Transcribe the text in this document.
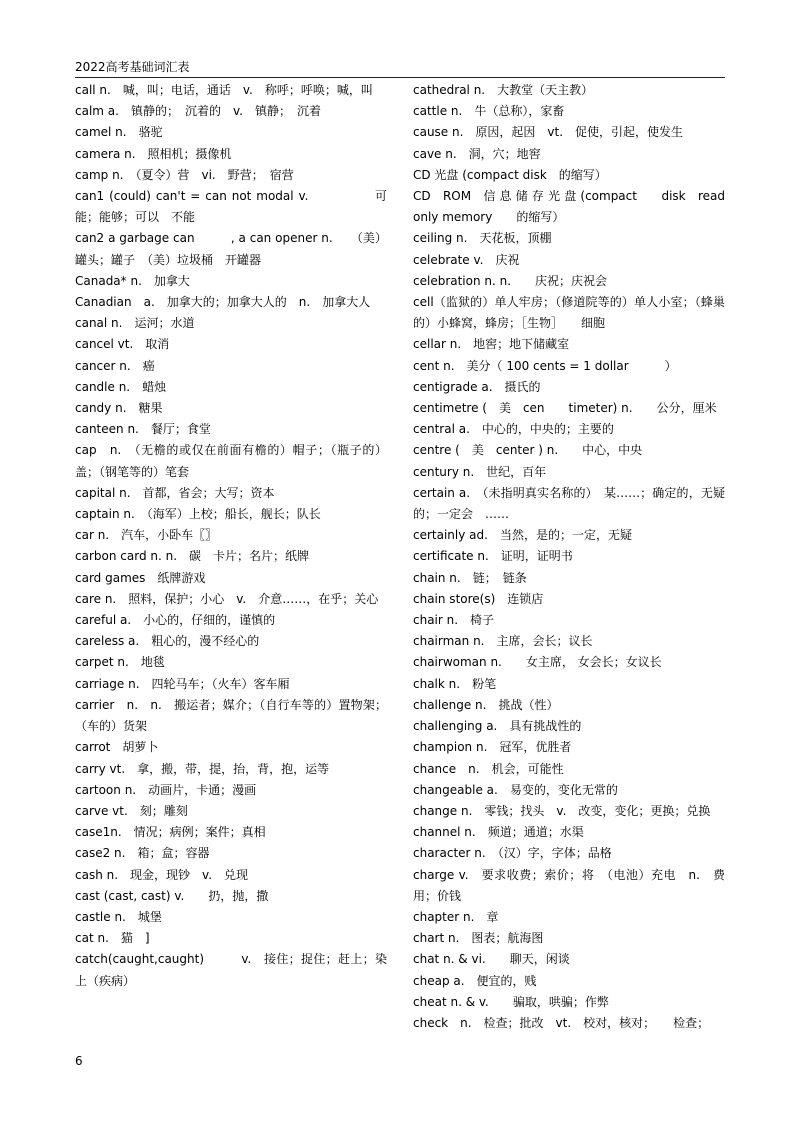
2022高考基础词汇表

call n.　喊，叫；电话，通话　v.　称呼；呼唤；喊，叫

calm a.　镇静的；　沉着的　v.　镇静；　沉着

camel n.　骆驼

camera n.　照相机；摄像机

camp n.　（夏令）营　vi.　野营；　宿营

can1 (could) can't = can not modal v.　　　　　可能；能够；可以　不能

can2 a garbage can　　　, a can opener n.　　（美）罐头；罐子　（美）垃圾桶　开罐器

Canada* n.　加拿大

Canadian　a.　加拿大的；加拿大人的　n.　加拿大人

canal n.　运河；水道

cancel vt.　取消

cancer n.　癌

candle n.　蜡烛

candy n.　糖果

canteen n.　餐厅；食堂

cap　n.　（无檐的或仅在前面有檐的）帽子；（瓶子的）盖；（钢笔等的）笔套

capital n.　首都，省会；大写；资本

captain n.　（海军）上校；船长，舰长；队长

car n.　汽车，小卧车〖〗

carbon card n. n.　碳　卡片；名片；纸牌

card games　纸牌游戏

care n.　照料，保护；小心　v.　介意……，在乎；关心

careful a.　小心的，仔细的，谨慎的

careless a.　粗心的，漫不经心的

carpet n.　地毯

carriage n.　四轮马车；（火车）客车厢

carrier　n.　n.　搬运者；媒介；（自行车等的）置物架；（车的）货架

carrot　胡萝卜

carry vt.　拿，搬，带，提，抬，背，抱，运等

cartoon n.　动画片，卡通；漫画

carve vt.　刻；雕刻

case1n.　情况；病例；案件；真相

case2 n.　箱；盒；容器

cash n.　现金，现钞　v.　兑现

cast (cast, cast) v.　　扔，抛，撒

castle n.　城堡

cat n.　猫　]

catch(caught,caught)　　　v.　接住；捉住；赶上；染上（疾病）

cathedral n.　大教堂（天主教）

cattle n.　牛（总称），家畜

cause n.　原因，起因　vt.　促使，引起，使发生

cave n.　洞，穴；地窖

CD 光盘 (compact disk　的缩写）

CD　ROM　信 息 储 存 光 盘 (compact　　disk　read　only memory　　的缩写）

ceiling n.　天花板，顶棚

celebrate v.　庆祝

celebration n. n.　　庆祝；庆祝会

cell（监狱的）单人牢房；（修道院等的）单人小室；（蜂巢的）小蜂窝，蜂房；［生物］　　细胞

cellar n.　地窖；地下储藏室

cent n.　美分（ 100 cents = 1 dollar　　　）

centigrade a.　摄氏的

centimetre (　美　cen　　timeter) n.　　公分，厘米

central a.　中心的，中央的；主要的

centre (　美　center ) n.　　中心，中央

century n.　世纪，百年

certain a.　（未指明真实名称的）　某……；确定的，无疑的；一定会　……

certainly ad.　当然，是的；一定，无疑

certificate n.　证明，证明书

chain n.　链；　链条

chain store(s)　连锁店

chair n.　椅子

chairman n.　主席，会长；议长

chairwoman n.　　女主席， 女会长；女议长

chalk n.　粉笔

challenge n.　挑战（性）

challenging a.　具有挑战性的

champion n.　冠军，优胜者

chance　n.　机会，可能性

changeable a.　易变的，变化无常的

change n.　零钱；找头　v.　改变，变化；更换；兑换

channel n.　频道；通道；水渠

character n.　（汉）字，字体；品格

charge v.　要求收费；索价；将　（电池）充电　n.　费用；价钱

chapter n.　章

chart n.　图表；航海图

chat n. & vi.　　聊天，闲谈

cheap a.　便宜的，贱

cheat n. & v.　　骗取，哄骗；作弊

check　n.　检查；批改　vt.　校对，核对；　　检查；

6
